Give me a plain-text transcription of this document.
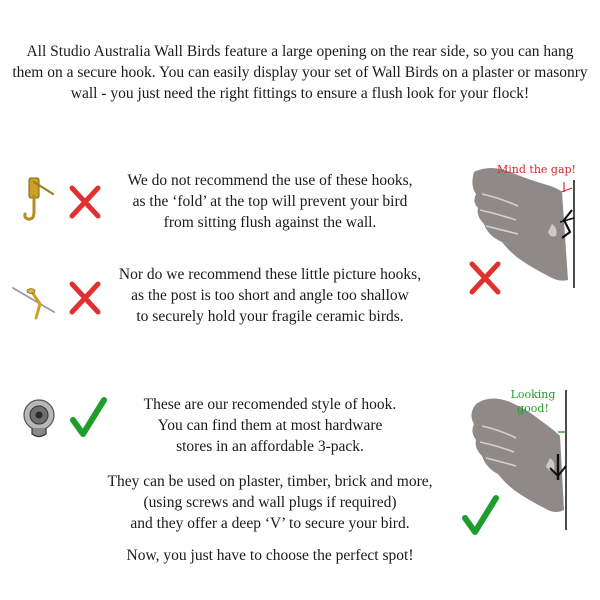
All Studio Australia Wall Birds feature a large opening on the rear side, so you can hang them on a secure hook. You can easily display your set of Wall Birds on a plaster or masonry wall - you just need the right fittings to ensure a flush look for your flock!
We do not recommend the use of these hooks,
as the ‘fold’ at the top will prevent your bird
from sitting flush against the wall.
Nor do we recommend these little picture hooks,
as the post is too short and angle too shallow
to securely hold your fragile ceramic birds.
Mind the gap!
These are our recomended style of hook.
You can find them at most hardware
stores in an affordable 3-pack.
They can be used on plaster, timber, brick and more,
(using screws and wall plugs if required)
and they offer a deep ‘V’ to secure your bird.
Now, you just have to choose the perfect spot!
Looking
good!
